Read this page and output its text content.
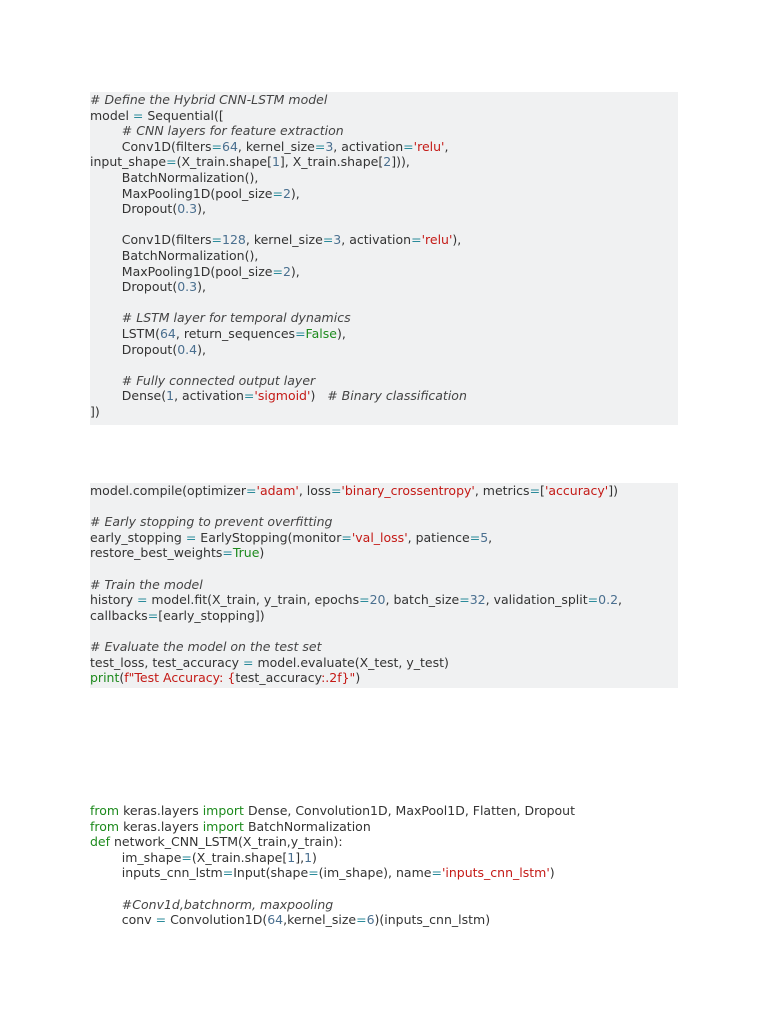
# Define the Hybrid CNN-LSTM model
model = Sequential([
# CNN layers for feature extraction
Conv1D(filters=64, kernel_size=3, activation='relu',
input_shape=(X_train.shape[1], X_train.shape[2])),
BatchNormalization(),
MaxPooling1D(pool_size=2),
Dropout(0.3),
Conv1D(filters=128, kernel_size=3, activation='relu'),
BatchNormalization(),
MaxPooling1D(pool_size=2),
Dropout(0.3),
# LSTM layer for temporal dynamics
LSTM(64, return_sequences=False),
Dropout(0.4),
# Fully connected output layer
Dense(1, activation='sigmoid')   # Binary classification
])
model.compile(optimizer='adam', loss='binary_crossentropy', metrics=['accuracy'])
# Early stopping to prevent overfitting
early_stopping = EarlyStopping(monitor='val_loss', patience=5,
restore_best_weights=True)
# Train the model
history = model.fit(X_train, y_train, epochs=20, batch_size=32, validation_split=0.2,
callbacks=[early_stopping])
# Evaluate the model on the test set
test_loss, test_accuracy = model.evaluate(X_test, y_test)
print(f"Test Accuracy: {test_accuracy:.2f}")
from keras.layers import Dense, Convolution1D, MaxPool1D, Flatten, Dropout
from keras.layers import BatchNormalization
def network_CNN_LSTM(X_train,y_train):
im_shape=(X_train.shape[1],1)
inputs_cnn_lstm=Input(shape=(im_shape), name='inputs_cnn_lstm')
#Conv1d,batchnorm, maxpooling
conv = Convolution1D(64,kernel_size=6)(inputs_cnn_lstm)
